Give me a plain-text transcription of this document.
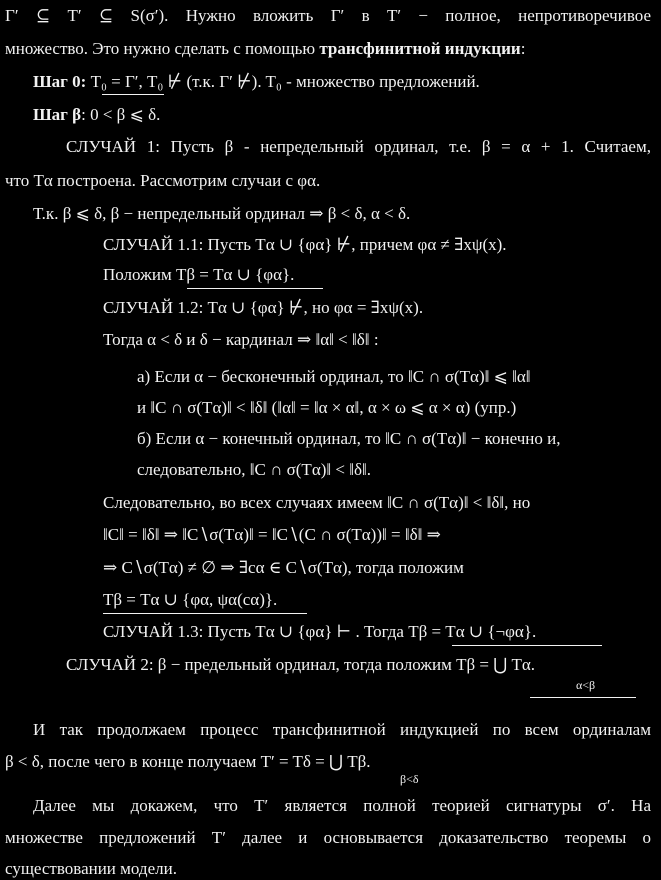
Γ′ ⊆ T′ ⊆ S(σ′). Нужно вложить Γ′ в T′ − полное, непротиворечивое
множество. Это нужно сделать с помощью трансфинитной индукции:
Шаг 0: T₀ = Γ′, T₀ ⊬ (т.к. Γ′ ⊬). T₀ - множество предложений.
Шаг β: 0 < β ⩽ δ.
СЛУЧАЙ 1: Пусть β - непредельный ординал, т.е. β = α + 1. Считаем,
что Tα построена. Рассмотрим случаи с φα.
Т.к. β ⩽ δ, β − непредельный ординал ⇒ β < δ, α < δ.
СЛУЧАЙ 1.1: Пусть Tα ∪ {φα} ⊬, причем φα ≠ ∃xψ(x).
Положим Tβ = Tα ∪ {φα}.
СЛУЧАЙ 1.2: Tα ∪ {φα} ⊬, но φα = ∃xψ(x).
Тогда α < δ и δ − кардинал ⇒ ‖α‖ < ‖δ‖ :
а) Если α − бесконечный ординал, то ‖C ∩ σ(Tα)‖ ⩽ ‖α‖
и ‖C ∩ σ(Tα)‖ < ‖δ‖ (‖α‖ = ‖α × α‖, α × ω ⩽ α × α) (упр.)
б) Если α − конечный ординал, то ‖C ∩ σ(Tα)‖ − конечно и,
следовательно, ‖C ∩ σ(Tα)‖ < ‖δ‖.
Следовательно, во всех случаях имеем ‖C ∩ σ(Tα)‖ < ‖δ‖, но
‖C‖ = ‖δ‖ ⇒ ‖C∖σ(Tα)‖ = ‖C∖(C ∩ σ(Tα))‖ = ‖δ‖ ⇒
⇒ C∖σ(Tα) ≠ ∅ ⇒ ∃cα ∈ C∖σ(Tα), тогда положим
Tβ = Tα ∪ {φα, ψα(cα)}.
СЛУЧАЙ 1.3: Пусть Tα ∪ {φα} ⊢ . Тогда Tβ = Tα ∪ {¬φα}.
СЛУЧАЙ 2: β − предельный ординал, тогда положим Tβ = ⋃ Tα.
α<β
И так продолжаем процесс трансфинитной индукцией по всем ординалам
β < δ, после чего в конце получаем T′ = Tδ = ⋃ Tβ.
β<δ
Далее мы докажем, что T′ является полной теорией сигнатуры σ′. На
множестве предложений T′ далее и основывается доказательство теоремы о
существовании модели.
